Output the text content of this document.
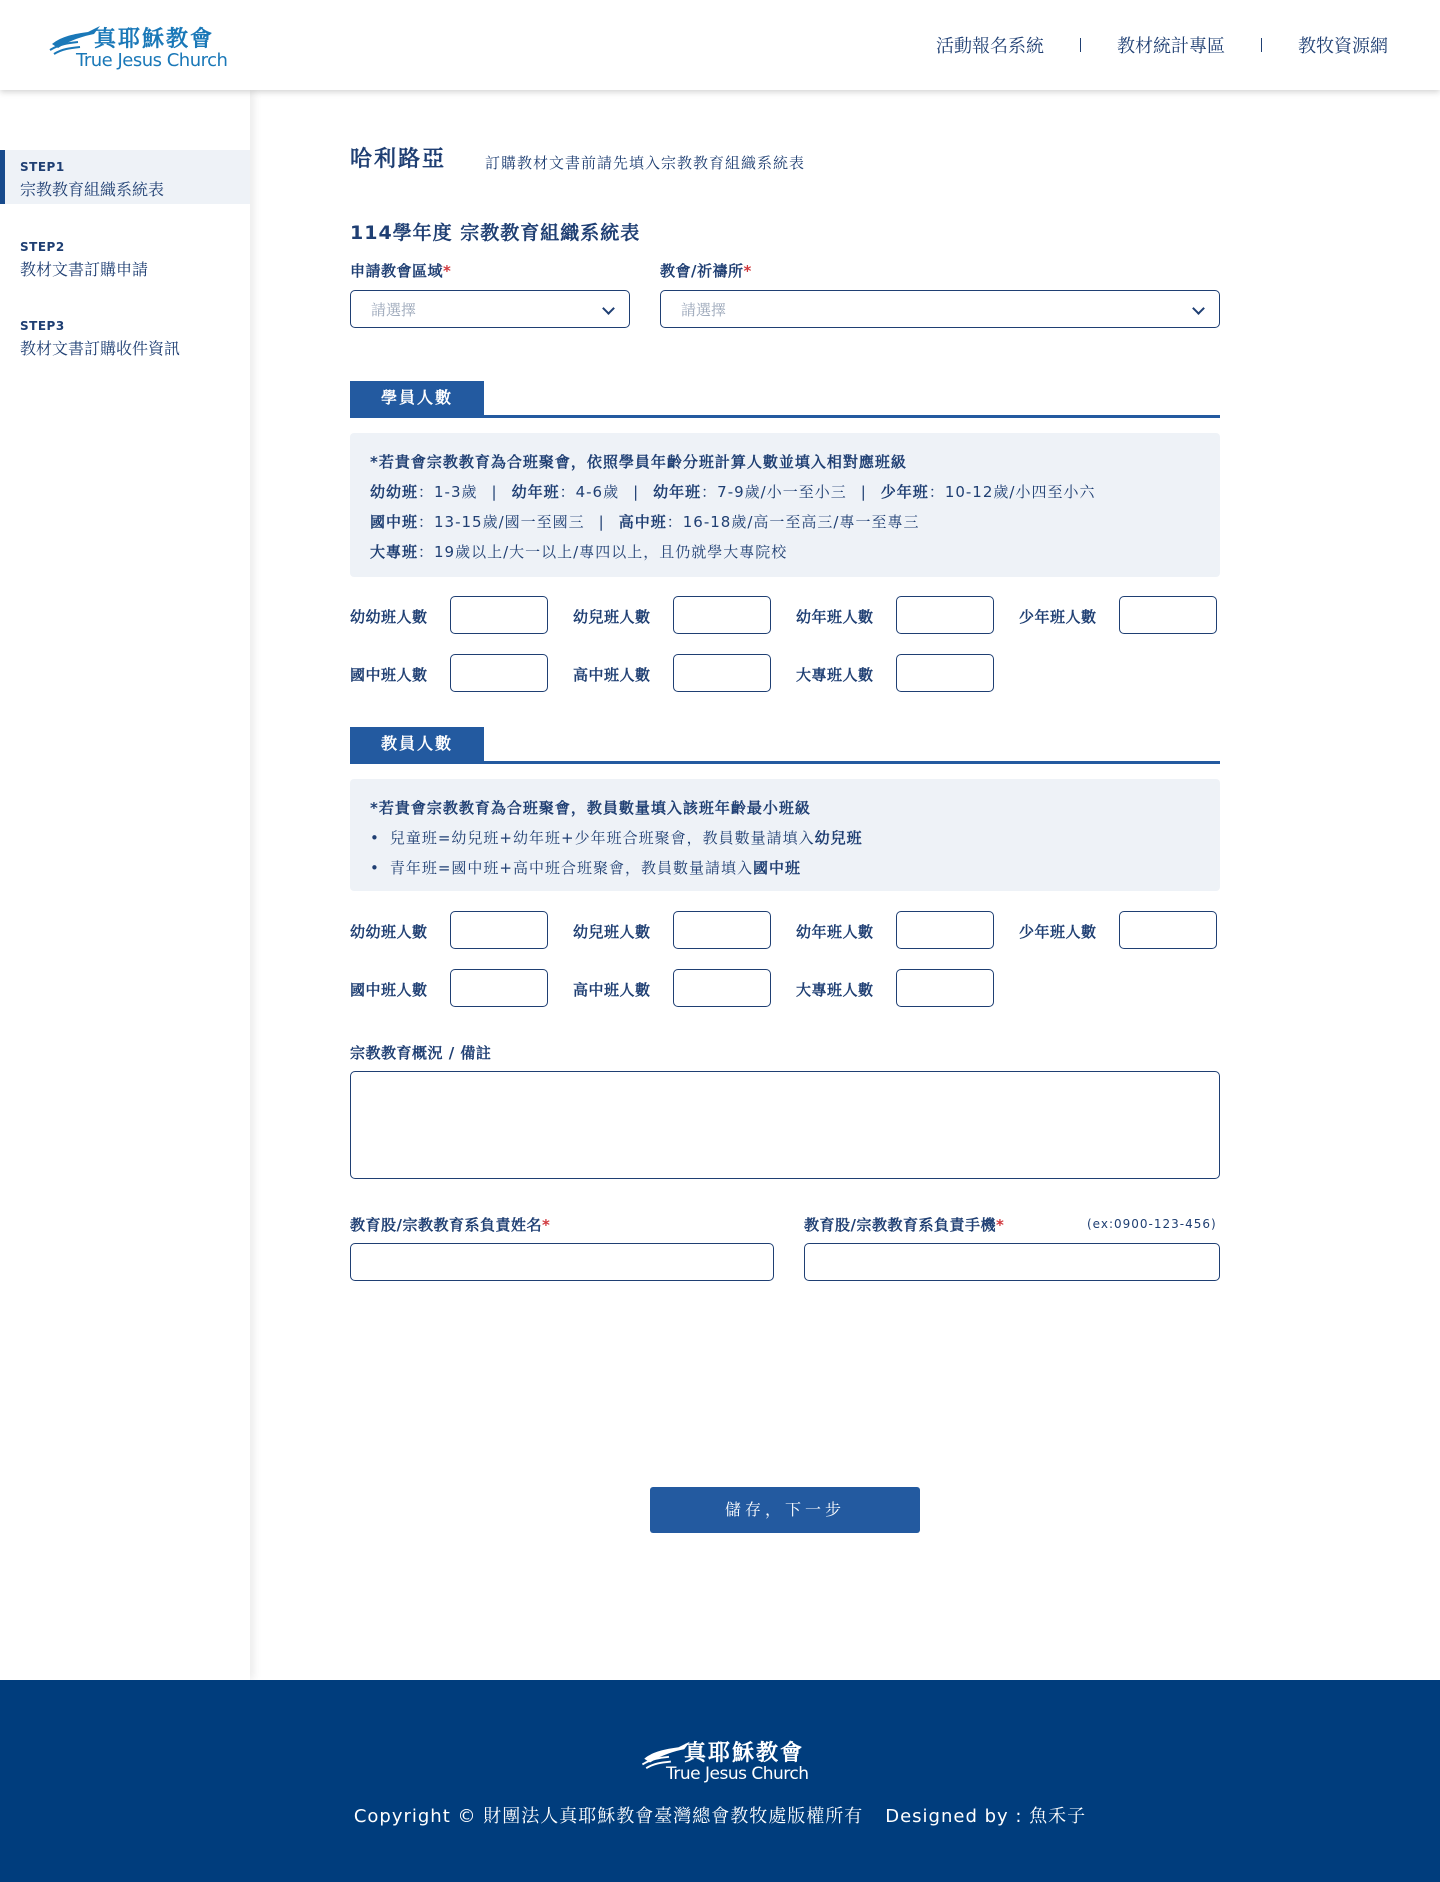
真耶穌教會
True Jesus Church
活動報名系統	教材統計專區	教牧資源網
STEP1
宗教教育組織系統表
STEP2
教材文書訂購申請
STEP3
教材文書訂購收件資訊
哈利路亞	訂購教材文書前請先填入宗教教育組織系統表
114學年度 宗教教育組織系統表
申請教會區域*
請選擇
教會/祈禱所*
請選擇
學員人數
*若貴會宗教教育為合班聚會，依照學員年齡分班計算人數並填入相對應班級
幼幼班：1-3歲 | 幼年班：4-6歲 | 幼年班：7-9歲/小一至小三 | 少年班：10-12歲/小四至小六
國中班：13-15歲/國一至國三 | 高中班：16-18歲/高一至高三/專一至專三
大專班：19歲以上/大一以上/專四以上，且仍就學大專院校
幼幼班人數	幼兒班人數	幼年班人數	少年班人數
國中班人數	高中班人數	大專班人數
教員人數
*若貴會宗教教育為合班聚會，教員數量填入該班年齡最小班級
• 兒童班=幼兒班+幼年班+少年班合班聚會，教員數量請填入幼兒班
• 青年班=國中班+高中班合班聚會，教員數量請填入國中班
幼幼班人數	幼兒班人數	幼年班人數	少年班人數
國中班人數	高中班人數	大專班人數
宗教教育概況 / 備註
教育股/宗教教育系負責姓名*	教育股/宗教教育系負責手機*	(ex:0900-123-456)
儲存，下一步
真耶穌教會
True Jesus Church
Copyright © 財團法人真耶穌教會臺灣總會教牧處版權所有 Designed by : 魚禾子
